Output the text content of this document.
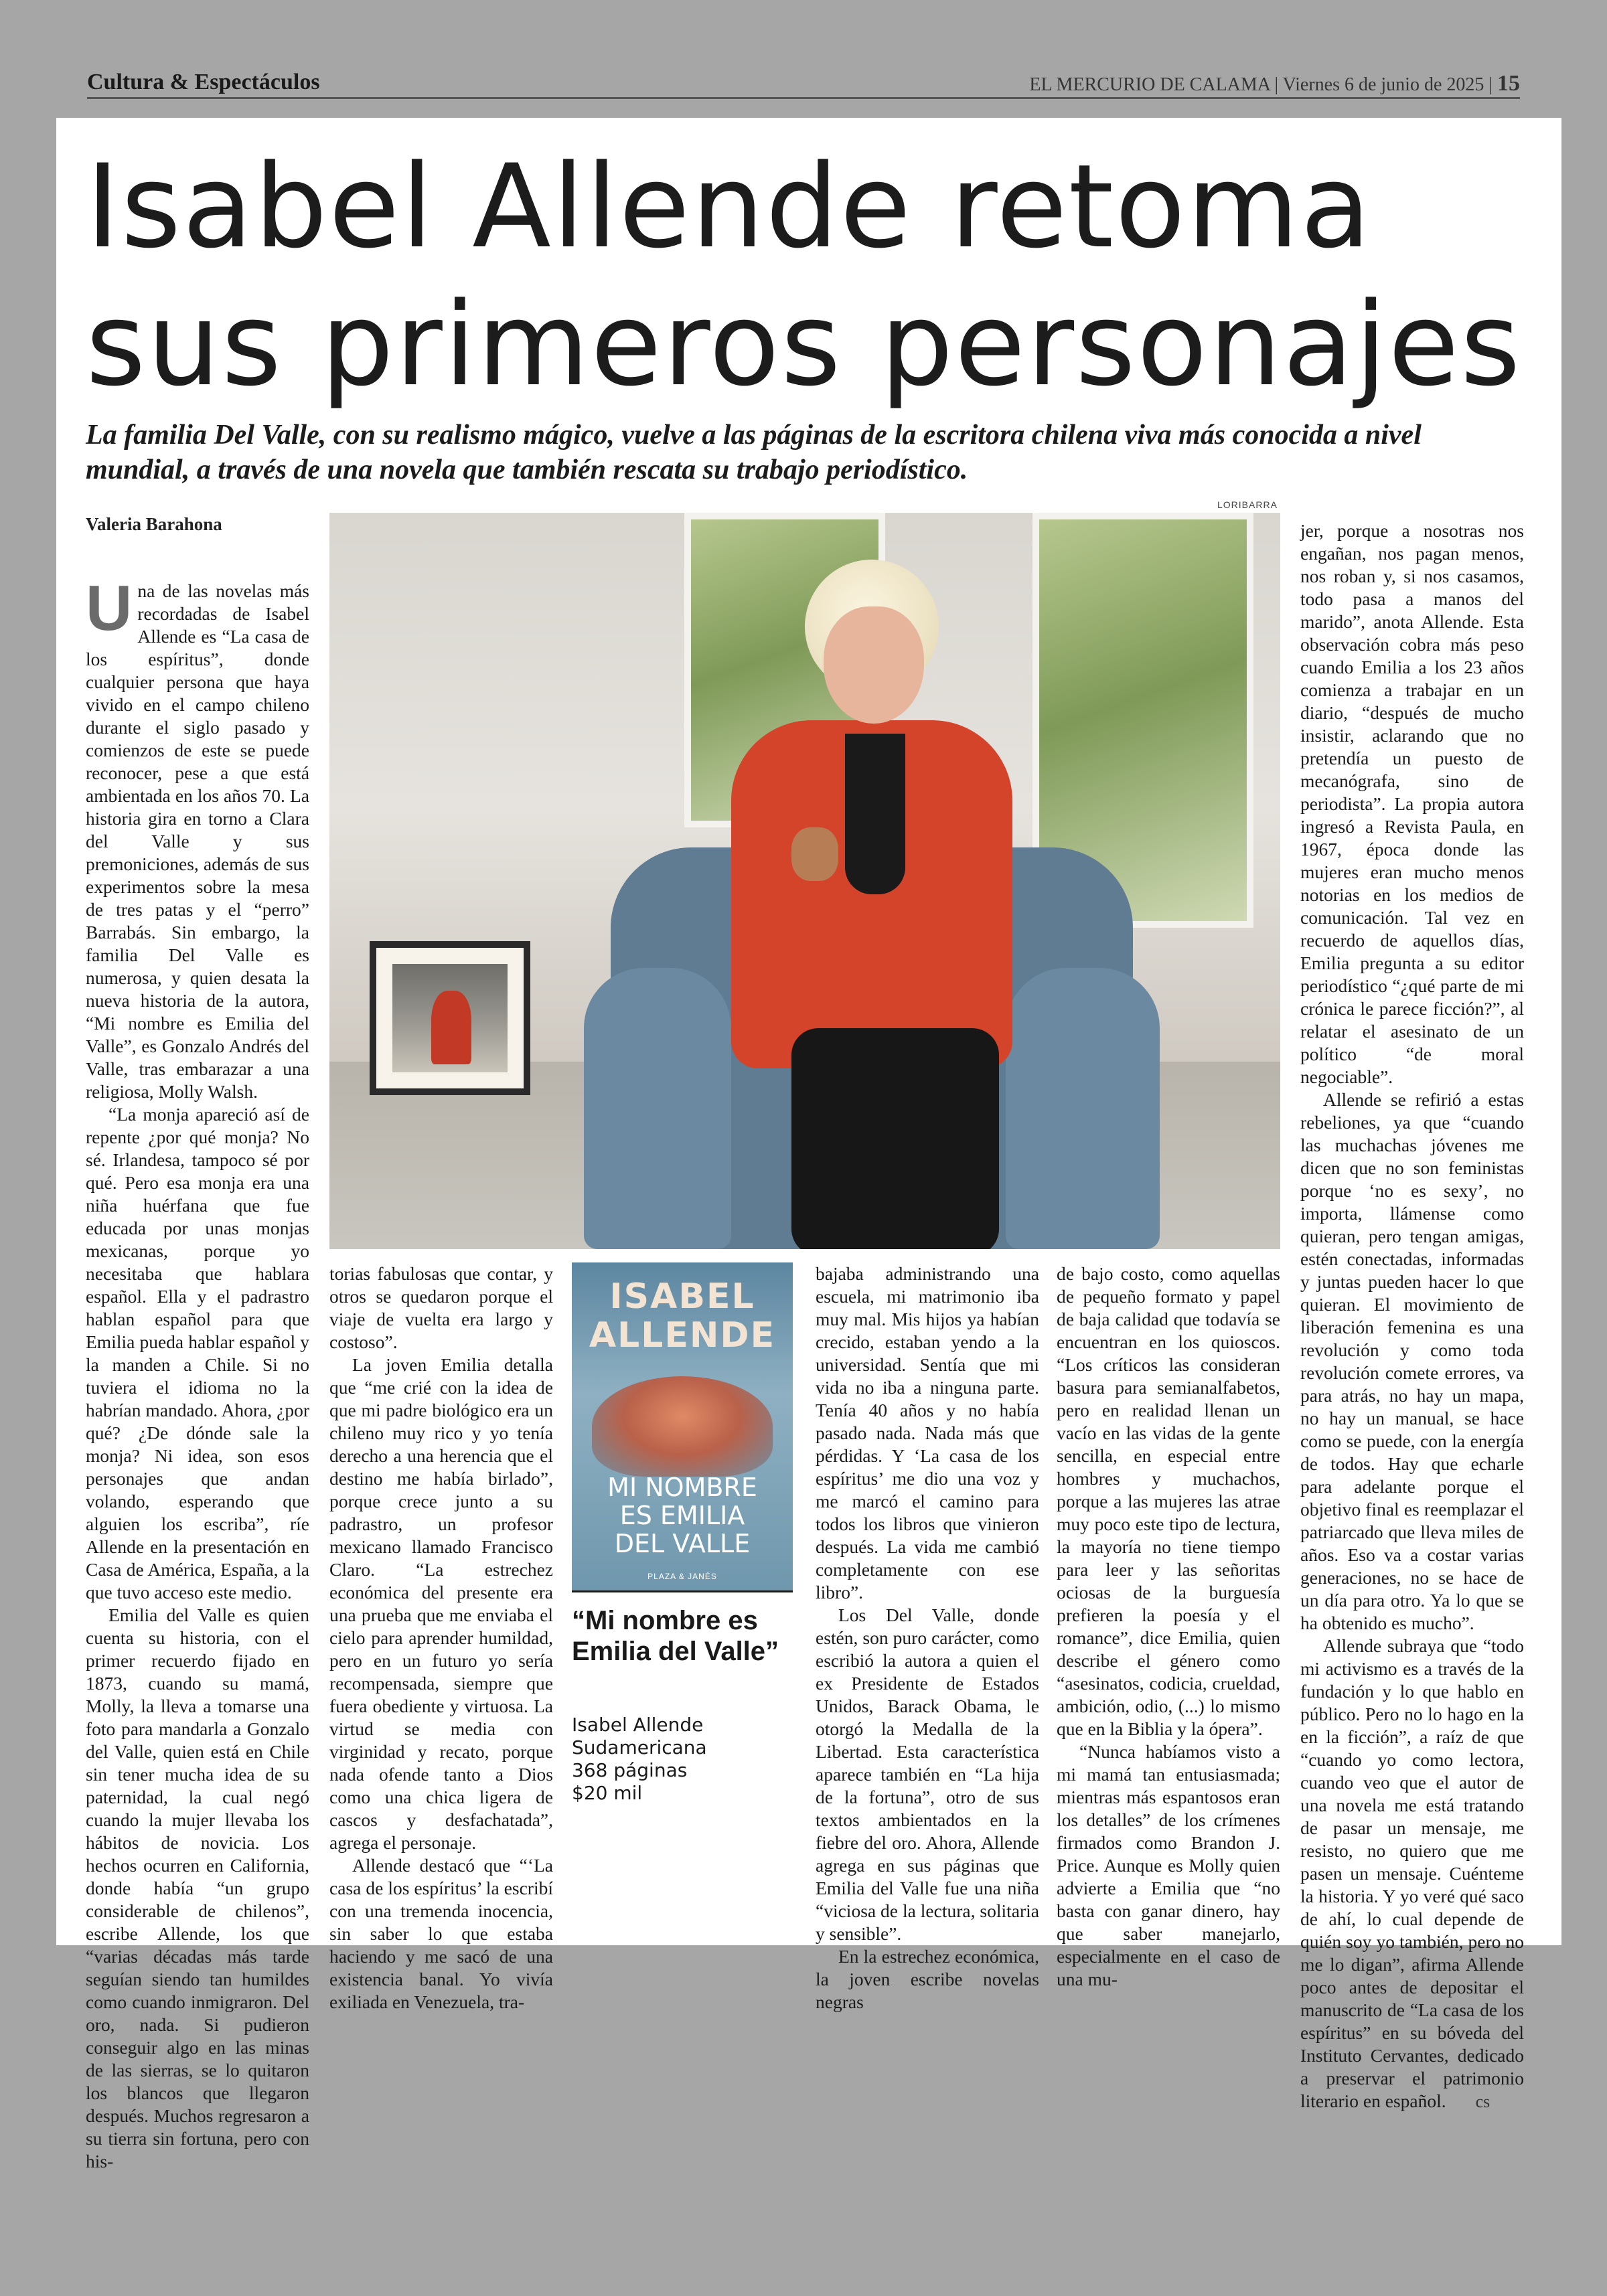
Cultura & Espectáculos	EL MERCURIO DE CALAMA | Viernes 6 de junio de 2025 | 15
Isabel Allende retoma
sus primeros personajes
La familia Del Valle, con su realismo mágico, vuelve a las páginas de la escritora chilena viva más conocida a nivel mundial, a través de una novela que también rescata su trabajo periodístico.
Valeria Barahona
LORIBARRA

Una de las novelas más recordadas de Isabel Allende es “La casa de los espíritus”, donde cualquier persona que haya vivido en el campo chileno durante el siglo pasado y comienzos de este se puede reconocer, pese a que está ambientada en los años 70. La historia gira en torno a Clara del Valle y sus premoniciones, además de sus experimentos sobre la mesa de tres patas y el “perro” Barrabás. Sin embargo, la familia Del Valle es numerosa, y quien desata la nueva historia de la autora, “Mi nombre es Emilia del Valle”, es Gonzalo Andrés del Valle, tras embarazar a una religiosa, Molly Walsh.

“La monja apareció así de repente ¿por qué monja? No sé. Irlandesa, tampoco sé por qué. Pero esa monja era una niña huérfana que fue educada por unas monjas mexicanas, porque yo necesitaba que hablara español. Ella y el padrastro hablan español para que Emilia pueda hablar español y la manden a Chile. Si no tuviera el idioma no la habrían mandado. Ahora, ¿por qué? ¿De dónde sale la monja? Ni idea, son esos personajes que andan volando, esperando que alguien los escriba”, ríe Allende en la presentación en Casa de América, España, a la que tuvo acceso este medio.

Emilia del Valle es quien cuenta su historia, con el primer recuerdo fijado en 1873, cuando su mamá, Molly, la lleva a tomarse una foto para mandarla a Gonzalo del Valle, quien está en Chile sin tener mucha idea de su paternidad, la cual negó cuando la mujer llevaba los hábitos de novicia. Los hechos ocurren en California, donde había “un grupo considerable de chilenos”, escribe Allende, los que “varias décadas más tarde seguían siendo tan humildes como cuando inmigraron. Del oro, nada. Si pudieron conseguir algo en las minas de las sierras, se lo quitaron los blancos que llegaron después. Muchos regresaron a su tierra sin fortuna, pero con his-

torias fabulosas que contar, y otros se quedaron porque el viaje de vuelta era largo y costoso”.

La joven Emilia detalla que “me crié con la idea de que mi padre biológico era un chileno muy rico y yo tenía derecho a una herencia que el destino me había birlado”, porque crece junto a su padrastro, un profesor mexicano llamado Francisco Claro. “La estrechez económica del presente era una prueba que me enviaba el cielo para aprender humildad, pero en un futuro yo sería recompensada, siempre que fuera obediente y virtuosa. La virtud se media con virginidad y recato, porque nada ofende tanto a Dios como una chica ligera de cascos y desfachatada”, agrega el personaje.

Allende destacó que “‘La casa de los espíritus’ la escribí con una tremenda inocencia, sin saber lo que estaba haciendo y me sacó de una existencia banal. Yo vivía exiliada en Venezuela, tra-

ISABEL
ALLENDE
MI NOMBRE
ES EMILIA
DEL VALLE
PLAZA & JANÉS
“Mi nombre es Emilia del Valle”
Isabel Allende
Sudamericana
368 páginas
$20 mil

bajaba administrando una escuela, mi matrimonio iba muy mal. Mis hijos ya habían crecido, estaban yendo a la universidad. Sentía que mi vida no iba a ninguna parte. Tenía 40 años y no había pasado nada. Nada más que pérdidas. Y ‘La casa de los espíritus’ me dio una voz y me marcó el camino para todos los libros que vinieron después. La vida me cambió completamente con ese libro”.

Los Del Valle, donde estén, son puro carácter, como escribió la autora a quien el ex Presidente de Estados Unidos, Barack Obama, le otorgó la Medalla de la Libertad. Esta característica aparece también en “La hija de la fortuna”, otro de sus textos ambientados en la fiebre del oro. Ahora, Allende agrega en sus páginas que Emilia del Valle fue una niña “viciosa de la lectura, solitaria y sensible”.

En la estrechez económica, la joven escribe novelas negras

de bajo costo, como aquellas de pequeño formato y papel de baja calidad que todavía se encuentran en los quioscos. “Los críticos las consideran basura para semianalfabetos, pero en realidad llenan un vacío en las vidas de la gente sencilla, en especial entre hombres y muchachos, porque a las mujeres las atrae muy poco este tipo de lectura, la mayoría no tiene tiempo para leer y las señoritas ociosas de la burguesía prefieren la poesía y el romance”, dice Emilia, quien describe el género como “asesinatos, codicia, crueldad, ambición, odio, (...) lo mismo que en la Biblia y la ópera”.

“Nunca habíamos visto a mi mamá tan entusiasmada; mientras más espantosos eran los detalles” de los crímenes firmados como Brandon J. Price. Aunque es Molly quien advierte a Emilia que “no basta con ganar dinero, hay que saber manejarlo, especialmente en el caso de una mu-

jer, porque a nosotras nos engañan, nos pagan menos, nos roban y, si nos casamos, todo pasa a manos del marido”, anota Allende. Esta observación cobra más peso cuando Emilia a los 23 años comienza a trabajar en un diario, “después de mucho insistir, aclarando que no pretendía un puesto de mecanógrafa, sino de periodista”. La propia autora ingresó a Revista Paula, en 1967, época donde las mujeres eran mucho menos notorias en los medios de comunicación. Tal vez en recuerdo de aquellos días, Emilia pregunta a su editor periodístico “¿qué parte de mi crónica le parece ficción?”, al relatar el asesinato de un político “de moral negociable”.

Allende se refirió a estas rebeliones, ya que “cuando las muchachas jóvenes me dicen que no son feministas porque ‘no es sexy’, no importa, llámense como quieran, pero tengan amigas, estén conectadas, informadas y juntas pueden hacer lo que quieran. El movimiento de liberación femenina es una revolución y como toda revolución comete errores, va para atrás, no hay un mapa, no hay un manual, se hace como se puede, con la energía de todos. Hay que echarle para adelante porque el objetivo final es reemplazar el patriarcado que lleva miles de años. Eso va a costar varias generaciones, no se hace de un día para otro. Ya lo que se ha obtenido es mucho”.

Allende subraya que “todo mi activismo es a través de la fundación y lo que hablo en público. Pero no lo hago en la en la ficción”, a raíz de que “cuando yo como lectora, cuando veo que el autor de una novela me está tratando de pasar un mensaje, me resisto, no quiero que me pasen un mensaje. Cuénteme la historia. Y yo veré qué saco de ahí, lo cual depende de quién soy yo también, pero no me lo digan”, afirma Allende poco antes de depositar el manuscrito de “La casa de los espíritus” en su bóveda del Instituto Cervantes, dedicado a preservar el patrimonio literario en español. cs
